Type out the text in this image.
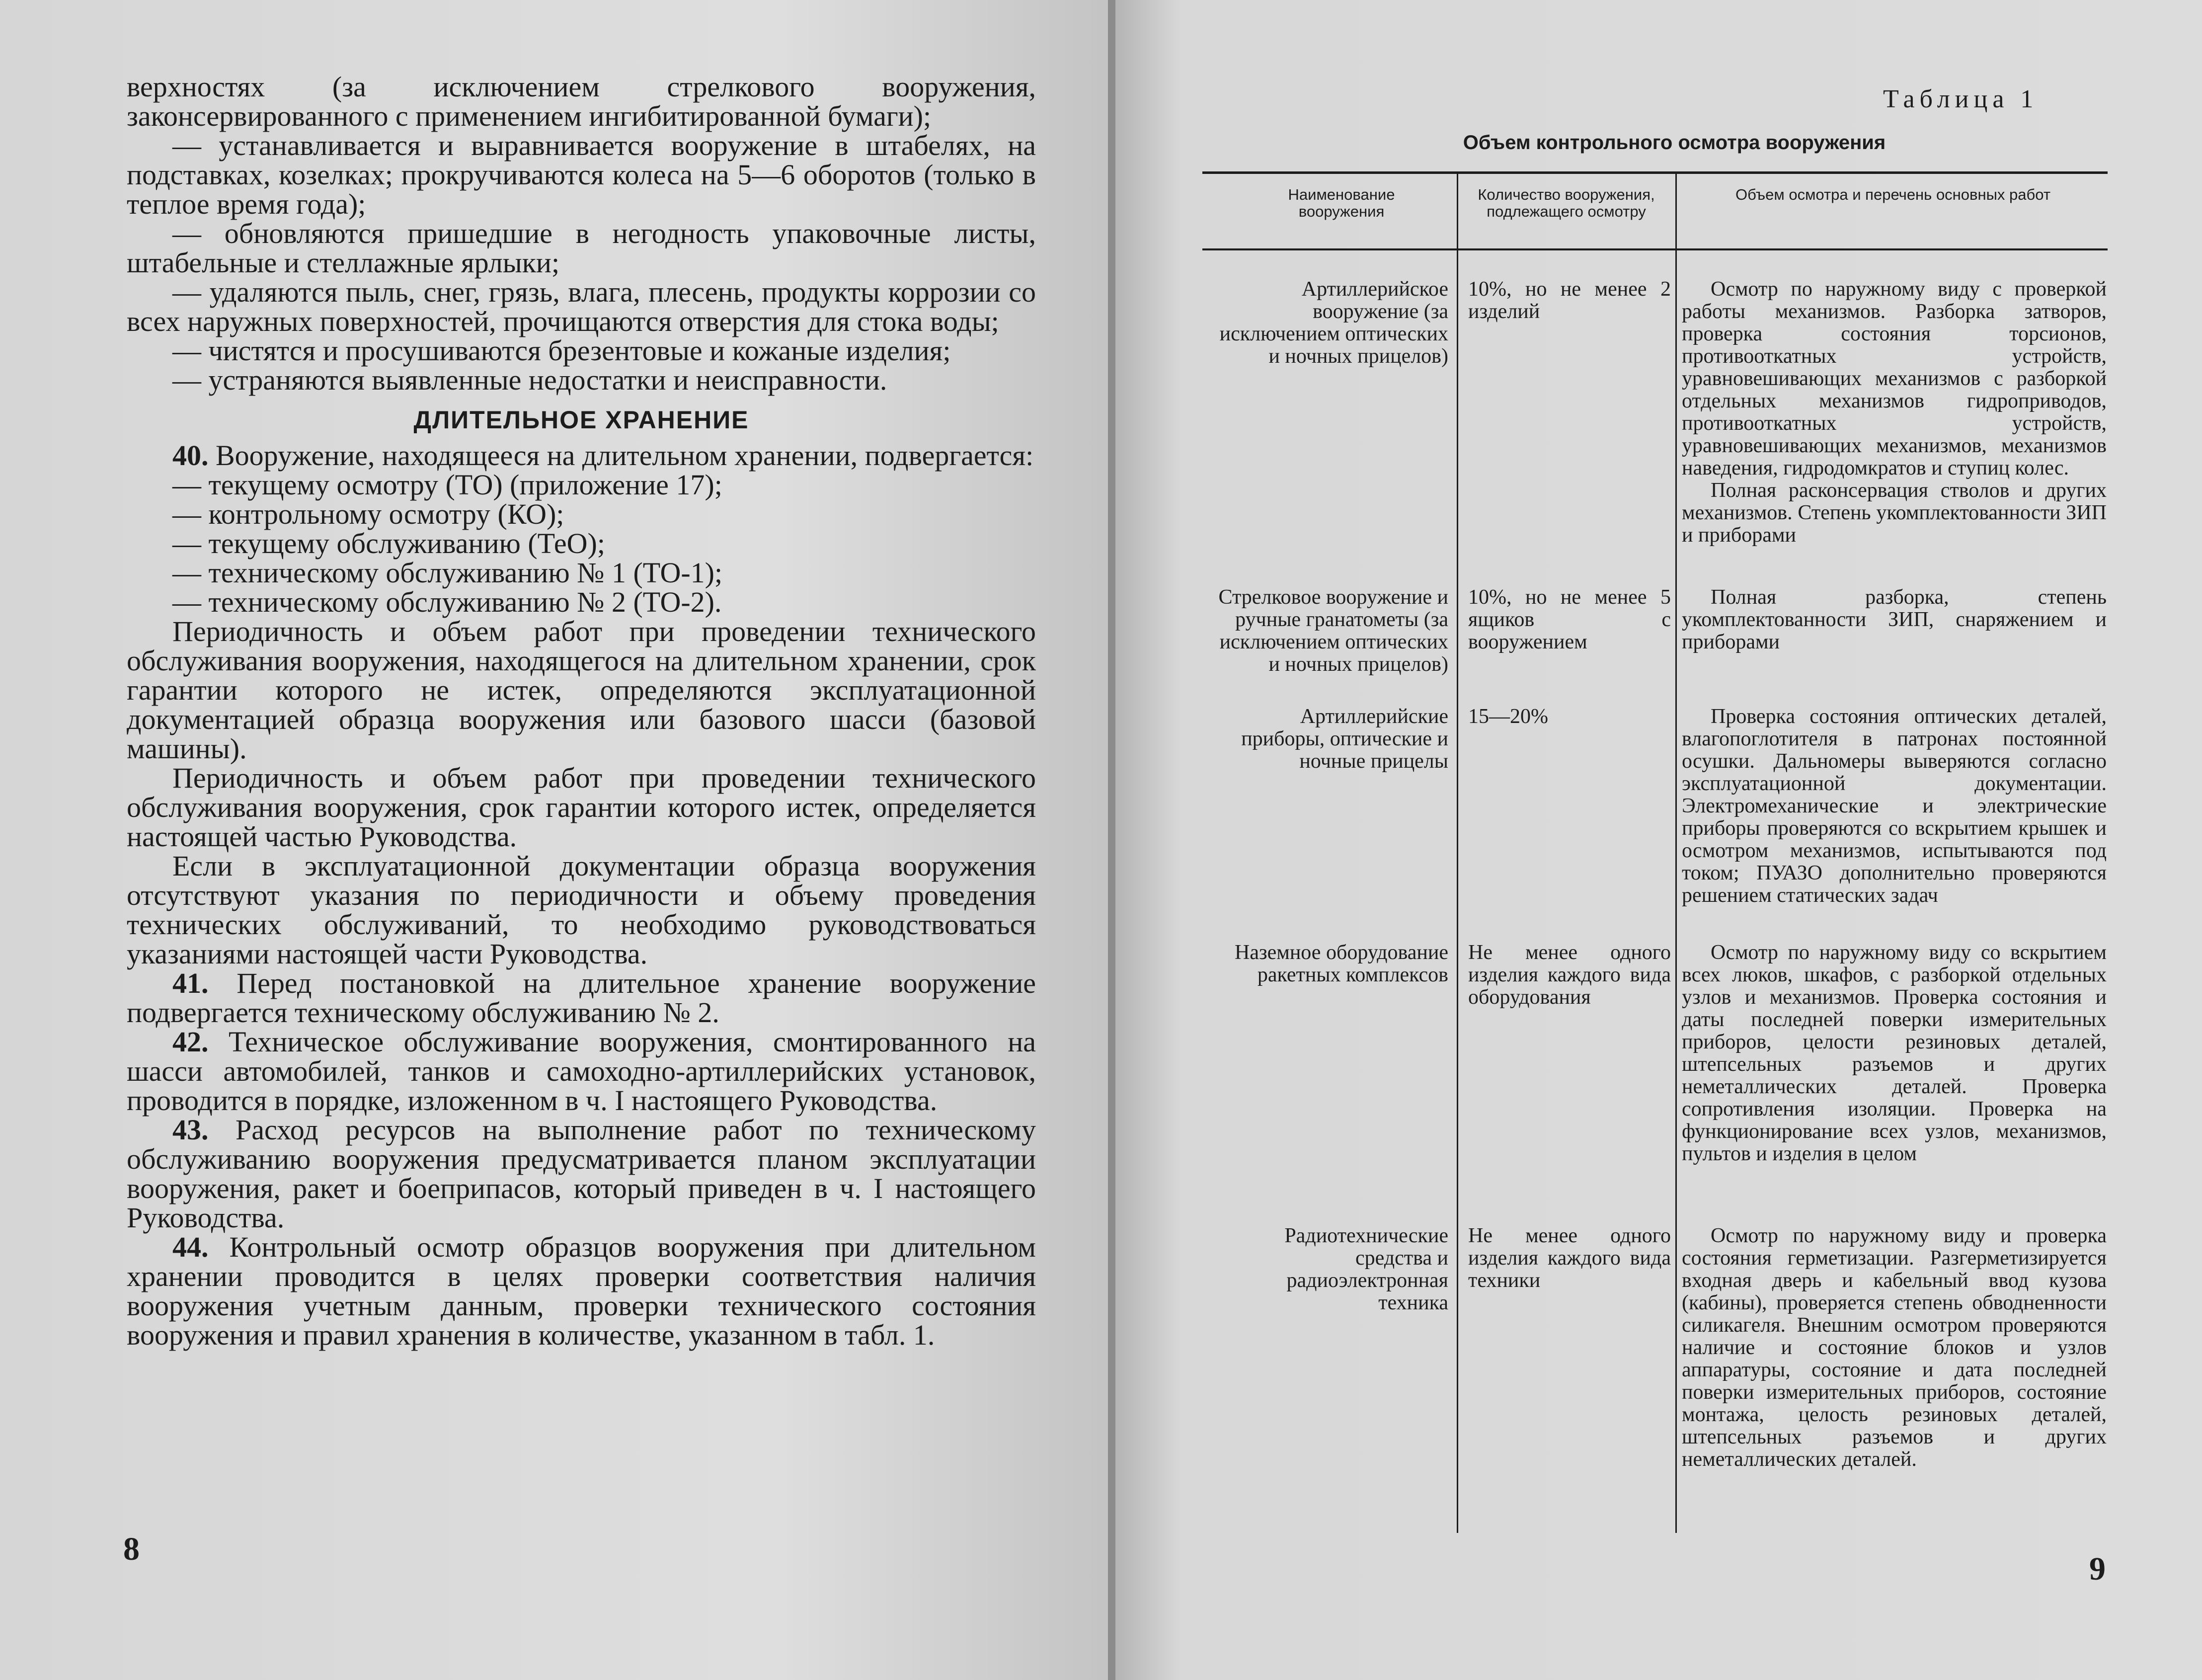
верхностях (за исключением стрелкового вооружения, законсервированного с применением ингибитированной бумаги);

— устанавливается и выравнивается вооружение в штабелях, на подставках, козелках; прокручиваются колеса на 5—6 оборотов (только в теплое время года);

— обновляются пришедшие в негодность упаковочные листы, штабельные и стеллажные ярлыки;

— удаляются пыль, снег, грязь, влага, плесень, продукты коррозии со всех наружных поверхностей, прочищаются отверстия для стока воды;

— чистятся и просушиваются брезентовые и кожаные изделия;

— устраняются выявленные недостатки и неисправности.

ДЛИТЕЛЬНОЕ ХРАНЕНИЕ

40. Вооружение, находящееся на длительном хранении, подвергается:

— текущему осмотру (ТО) (приложение 17);

— контрольному осмотру (КО);

— текущему обслуживанию (ТеО);

— техническому обслуживанию № 1 (ТО-1);

— техническому обслуживанию № 2 (ТО-2).

Периодичность и объем работ при проведении технического обслуживания вооружения, находящегося на длительном хранении, срок гарантии которого не истек, определяются эксплуатационной документацией образца вооружения или базового шасси (базовой машины).

Периодичность и объем работ при проведении технического обслуживания вооружения, срок гарантии которого истек, определяется настоящей частью Руководства.

Если в эксплуатационной документации образца вооружения отсутствуют указания по периодичности и объему проведения технических обслуживаний, то необходимо руководствоваться указаниями настоящей части Руководства.

41. Перед постановкой на длительное хранение вооружение подвергается техническому обслуживанию № 2.

42. Техническое обслуживание вооружения, смонтированного на шасси автомобилей, танков и самоходно-артиллерийских установок, проводится в порядке, изложенном в ч. I настоящего Руководства.

43. Расход ресурсов на выполнение работ по техническому обслуживанию вооружения предусматривается планом эксплуатации вооружения, ракет и боеприпасов, который приведен в ч. I настоящего Руководства.

44. Контрольный осмотр образцов вооружения при длительном хранении проводится в целях проверки соответствия наличия вооружения учетным данным, проверки технического состояния вооружения и правил хранения в количестве, указанном в табл. 1.

8
Таблица 1
Объем контрольного осмотра вооружения
Наименование вооружения
Количество вооружения, подлежащего осмотру
Объем осмотра и перечень основных работ
Артиллерийское вооружение (за исключением оптических и ночных прицелов)
10%, но не менее 2 изделий

Осмотр по наружному виду с проверкой работы механизмов. Разборка затворов, проверка состояния торсионов, противооткатных устройств, уравновешивающих механизмов с разборкой отдельных механизмов гидроприводов, противооткатных устройств, уравновешивающих механизмов, механизмов наведения, гидродомкратов и ступиц колес.

Полная расконсервация стволов и других механизмов. Степень укомплектованности ЗИП и приборами

Стрелковое вооружение и ручные гранатометы (за исключением оптических и ночных прицелов)
10%, но не менее 5 ящиков с вооружением

Полная разборка, степень укомплектованности ЗИП, снаряжением и приборами

Артиллерийские приборы, оптические и ночные прицелы
15—20%	Проверка состояния оптических деталей, влагопоглотителя в патронах постоянной осушки. Дальномеры выверяются согласно эксплуатационной документации. Электромеханические и электрические приборы проверяются со вскрытием крышек и осмотром механизмов, испытываются под током; ПУАЗО дополнительно проверяются решением статических задач

Наземное оборудование ракетных комплексов
Не менее одного изделия каждого вида оборудования

Осмотр по наружному виду со вскрытием всех люков, шкафов, с разборкой отдельных узлов и механизмов. Проверка состояния и даты последней поверки измерительных приборов, целости резиновых деталей, штепсельных разъемов и других неметаллических деталей. Проверка сопротивления изоляции. Проверка на функционирование всех узлов, механизмов, пультов и изделия в целом

Радиотехнические средства и радиоэлектронная техника
Не менее одного изделия каждого вида техники

Осмотр по наружному виду и проверка состояния герметизации. Разгерметизируется входная дверь и кабельный ввод кузова (кабины), проверяется степень обводненности силикагеля. Внешним осмотром проверяются наличие и состояние блоков и узлов аппаратуры, состояние и дата последней поверки измерительных приборов, состояние монтажа, целость резиновых деталей, штепсельных разъемов и других неметаллических деталей.

9
